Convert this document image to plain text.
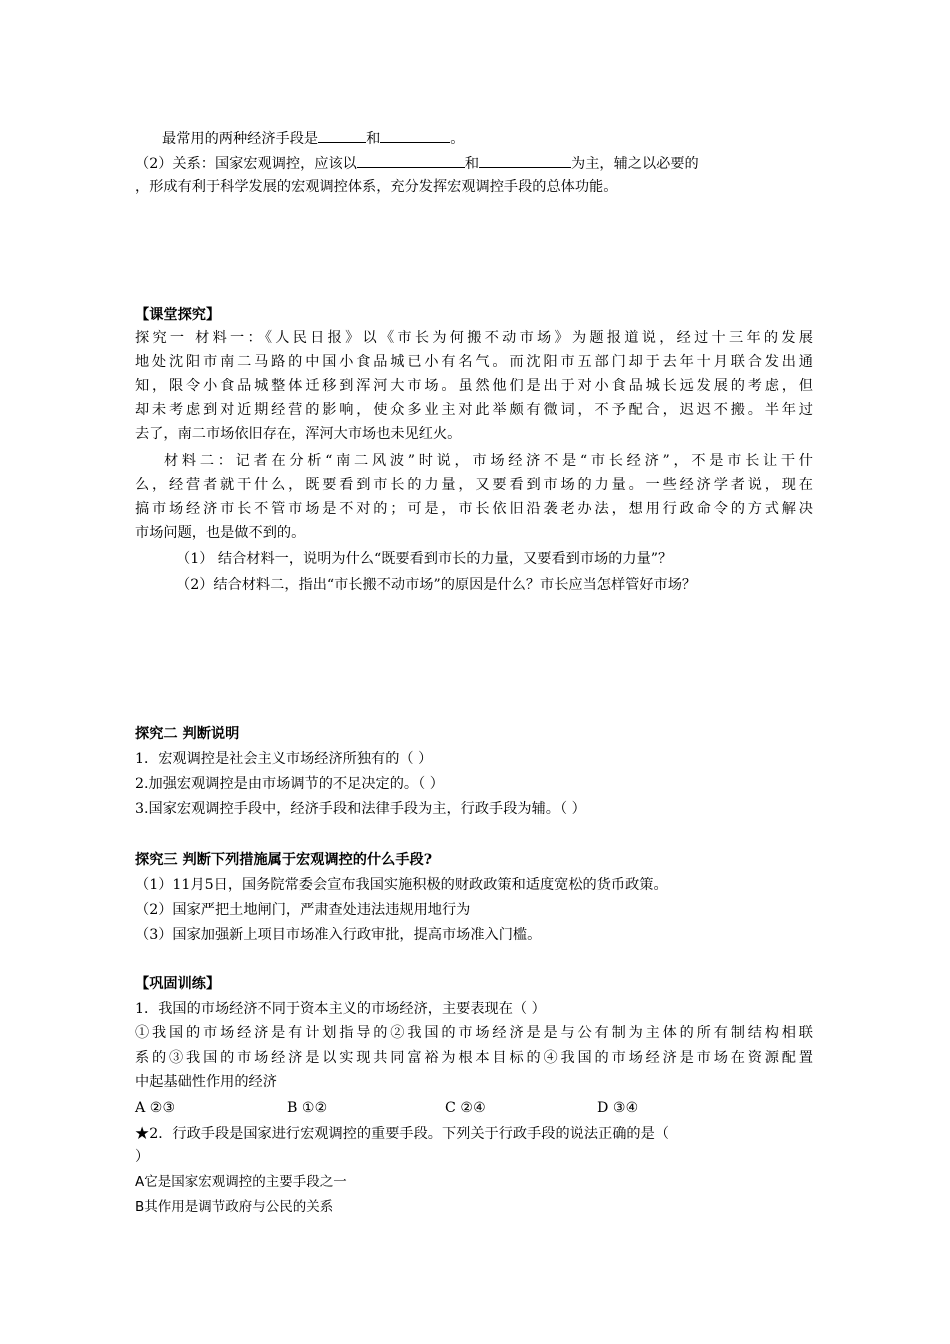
最常用的两种经济手段是	和	。
（2）关系：国家宏观调控，应该以	和	为主，辅之以必要的
，形成有利于科学发展的宏观调控体系，充分发挥宏观调控手段的总体功能。
【课堂探究】
探究一 材料一：《人民日报》以《市长为何搬不动市场》为题报道说，经过十三年的发展
地处沈阳市南二马路的中国小食品城已小有名气。而沈阳市五部门却于去年十月联合发出通
知，限令小食品城整体迁移到浑河大市场。虽然他们是出于对小食品城长远发展的考虑，但
却未考虑到对近期经营的影响，使众多业主对此举颇有微词，不予配合，迟迟不搬。半年过
去了，南二市场依旧存在，浑河大市场也未见红火。
材料二：记者在分析“南二风波”时说，市场经济不是“市长经济”，不是市长让干什
么，经营者就干什么，既要看到市长的力量，又要看到市场的力量。一些经济学者说，现在
搞市场经济市长不管市场是不对的；可是，市长依旧沿袭老办法，想用行政命令的方式解决
市场问题，也是做不到的。
（1） 结合材料一，说明为什么“既要看到市长的力量，又要看到市场的力量”？
（2）结合材料二，指出“市长搬不动市场”的原因是什么？市长应当怎样管好市场？
探究二 判断说明
1．宏观调控是社会主义市场经济所独有的（ ）
2.加强宏观调控是由市场调节的不足决定的。（ ）
3.国家宏观调控手段中，经济手段和法律手段为主，行政手段为辅。（ ）
探究三 判断下列措施属于宏观调控的什么手段?
（1）11月5日，国务院常委会宣布我国实施积极的财政政策和适度宽松的货币政策。
（2）国家严把土地闸门，严肃查处违法违规用地行为
（3）国家加强新上项目市场准入行政审批，提高市场准入门槛。
【巩固训练】
1．我国的市场经济不同于资本主义的市场经济，主要表现在（ ）
①我国的市场经济是有计划指导的②我国的市场经济是是与公有制为主体的所有制结构相联
系的③我国的市场经济是以实现共同富裕为根本目标的④我国的市场经济是市场在资源配置
中起基础性作用的经济
A ②③	B ①②	C ②④	D ③④
★2．行政手段是国家进行宏观调控的重要手段。下列关于行政手段的说法正确的是（
）
A它是国家宏观调控的主要手段之一
B其作用是调节政府与公民的关系
